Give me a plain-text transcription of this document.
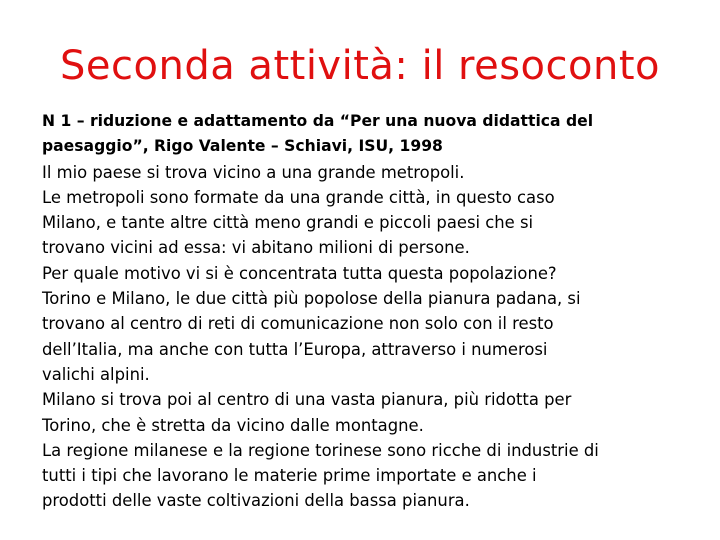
Seconda attività: il resoconto

N 1 – riduzione e adattamento da “Per una nuova didattica del
paesaggio”, Rigo Valente – Schiavi, ISU, 1998

Il mio paese si trova vicino a una grande metropoli.

Le metropoli sono formate da una grande città, in questo caso
Milano, e tante altre città meno grandi e piccoli paesi che si
trovano vicini ad essa: vi abitano milioni di persone.

Per quale motivo vi si è concentrata tutta questa popolazione?

Torino e Milano, le due città più popolose della pianura padana, si
trovano al centro di reti di comunicazione non solo con il resto
dell’Italia, ma anche con tutta l’Europa, attraverso i numerosi
valichi alpini.

Milano si trova poi al centro di una vasta pianura, più ridotta per
Torino, che è stretta da vicino dalle montagne.

La regione milanese e la regione torinese sono ricche di industrie di
tutti i tipi che lavorano le materie prime importate e anche i
prodotti delle vaste coltivazioni della bassa pianura.
